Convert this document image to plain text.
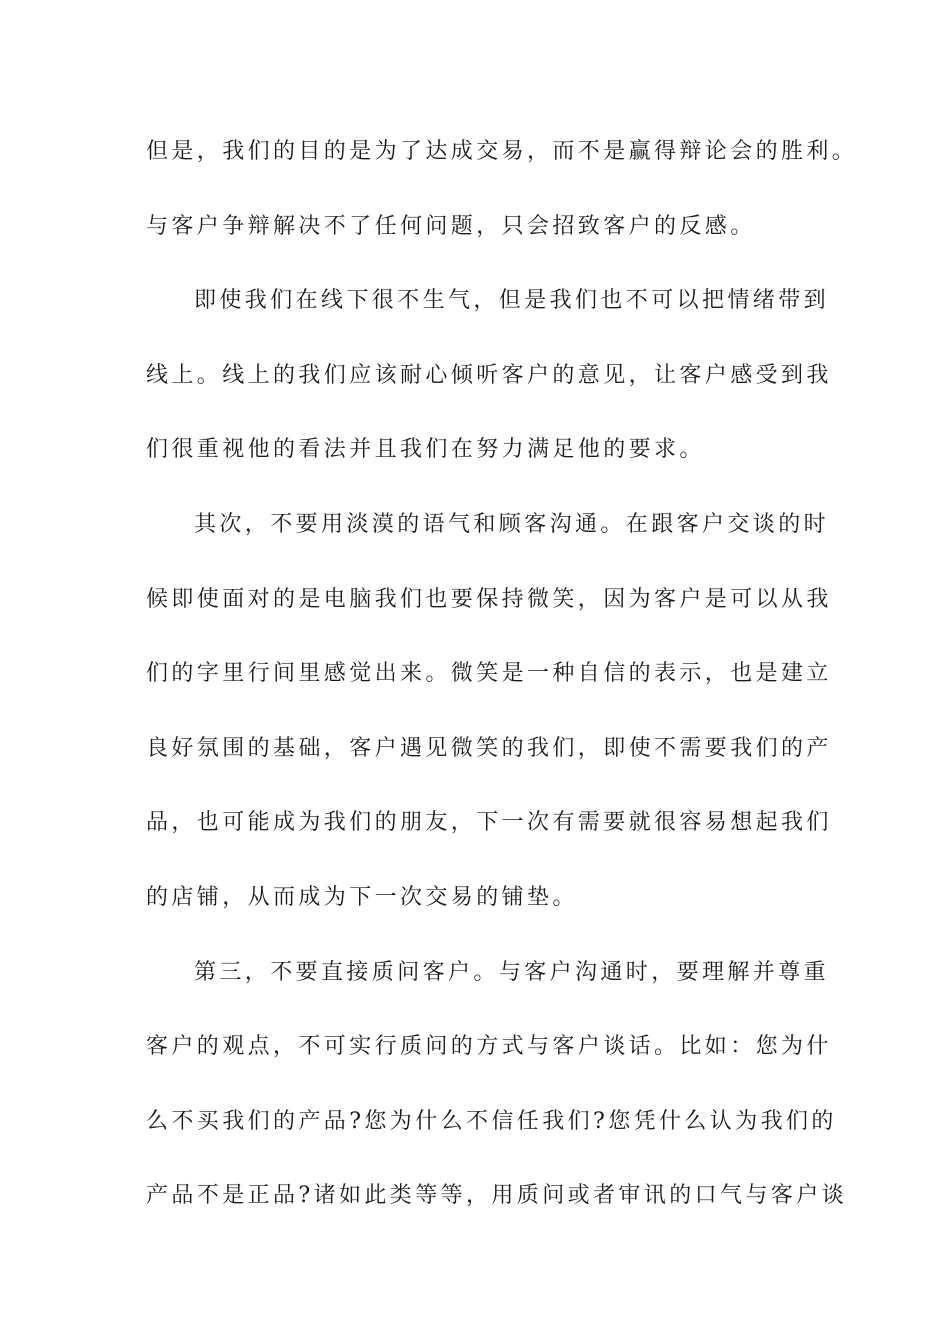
但是，我们的目的是为了达成交易，而不是赢得辩论会的胜利。
与客户争辩解决不了任何问题，只会招致客户的反感。
即使我们在线下很不生气，但是我们也不可以把情绪带到
线上。线上的我们应该耐心倾听客户的意见，让客户感受到我
们很重视他的看法并且我们在努力满足他的要求。
其次，不要用淡漠的语气和顾客沟通。在跟客户交谈的时
候即使面对的是电脑我们也要保持微笑，因为客户是可以从我
们的字里行间里感觉出来。微笑是一种自信的表示，也是建立
良好氛围的基础，客户遇见微笑的我们，即使不需要我们的产
品，也可能成为我们的朋友，下一次有需要就很容易想起我们
的店铺，从而成为下一次交易的铺垫。
第三，不要直接质问客户。与客户沟通时，要理解并尊重
客户的观点，不可实行质问的方式与客户谈话。比如：您为什
么不买我们的产品?您为什么不信任我们?您凭什么认为我们的
产品不是正品?诸如此类等等，用质问或者审讯的口气与客户谈
